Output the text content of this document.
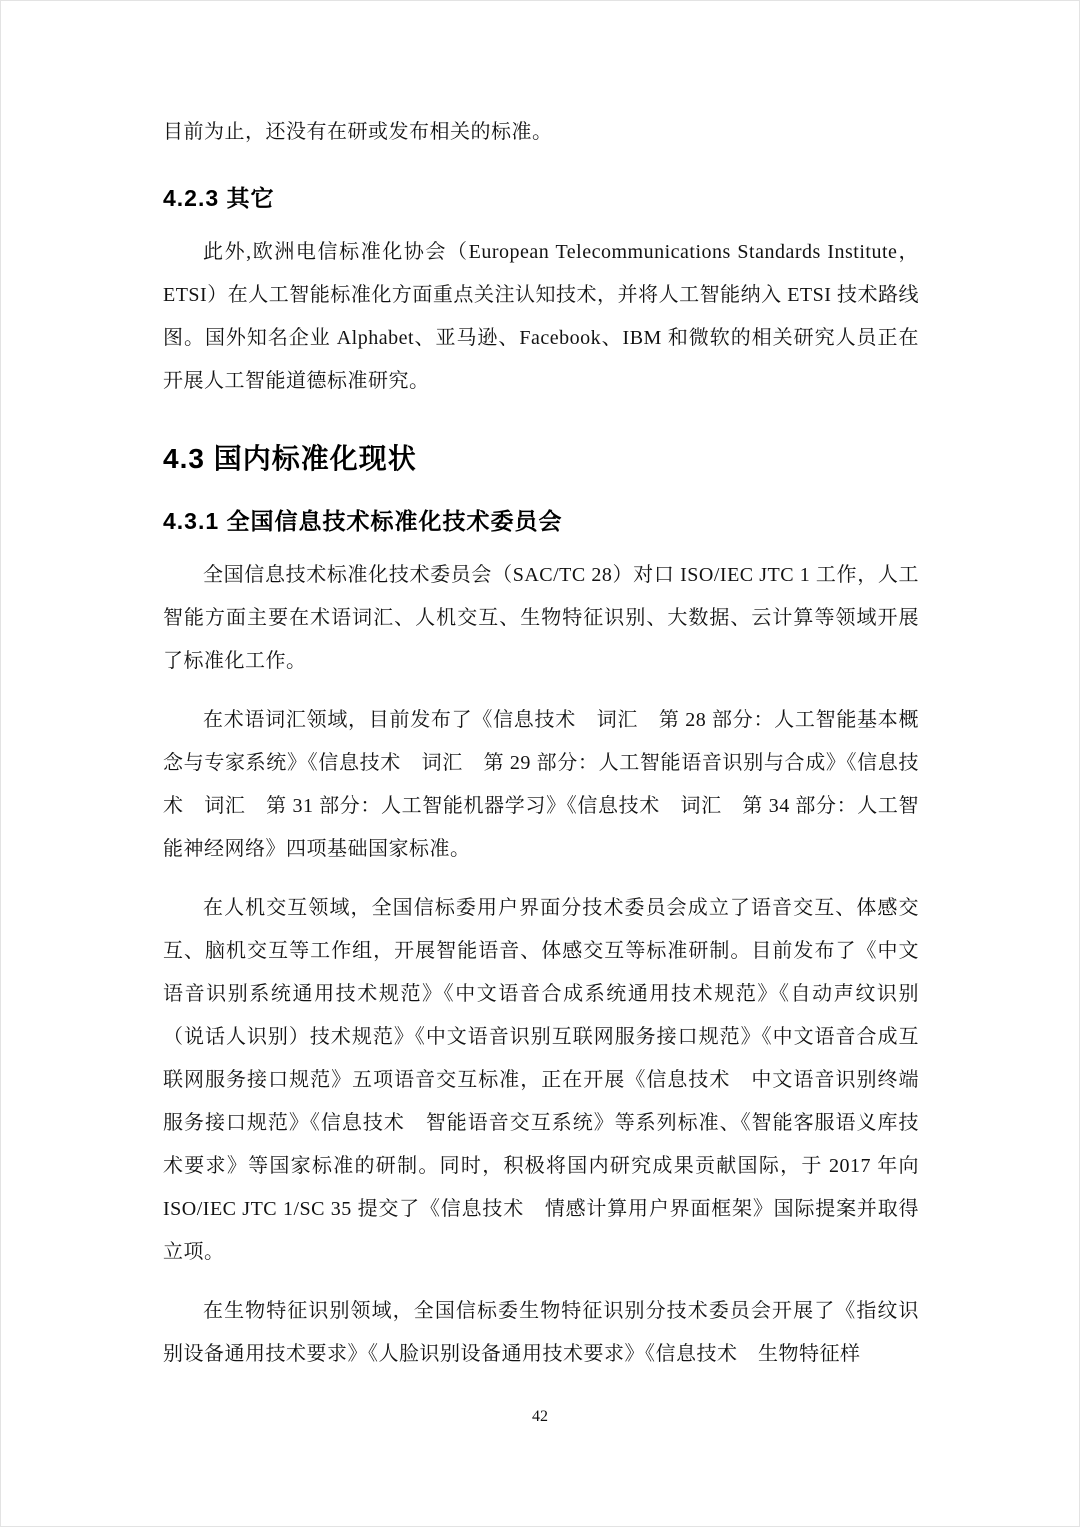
目前为止，还没有在研或发布相关的标准。

4.2.3 其它

此外,欧洲电信标准化协会（European Telecommunications Standards Institute，ETSI）在人工智能标准化方面重点关注认知技术，并将人工智能纳入 ETSI 技术路线图。国外知名企业 Alphabet、亚马逊、Facebook、IBM 和微软的相关研究人员正在开展人工智能道德标准研究。

4.3 国内标准化现状
4.3.1 全国信息技术标准化技术委员会

全国信息技术标准化技术委员会（SAC/TC 28）对口 ISO/IEC JTC 1 工作，人工智能方面主要在术语词汇、人机交互、生物特征识别、大数据、云计算等领域开展了标准化工作。

在术语词汇领域，目前发布了《信息技术　词汇　第 28 部分：人工智能基本概念与专家系统》《信息技术　词汇　第 29 部分：人工智能语音识别与合成》《信息技术　词汇　第 31 部分：人工智能机器学习》《信息技术　词汇　第 34 部分：人工智能神经网络》四项基础国家标准。

在人机交互领域，全国信标委用户界面分技术委员会成立了语音交互、体感交互、脑机交互等工作组，开展智能语音、体感交互等标准研制。目前发布了《中文语音识别系统通用技术规范》《中文语音合成系统通用技术规范》《自动声纹识别（说话人识别）技术规范》《中文语音识别互联网服务接口规范》《中文语音合成互联网服务接口规范》五项语音交互标准，正在开展《信息技术　中文语音识别终端服务接口规范》《信息技术　智能语音交互系统》等系列标准、《智能客服语义库技术要求》等国家标准的研制。同时，积极将国内研究成果贡献国际，于 2017 年向 ISO/IEC JTC 1/SC 35 提交了《信息技术　情感计算用户界面框架》国际提案并取得立项。

在生物特征识别领域，全国信标委生物特征识别分技术委员会开展了《指纹识别设备通用技术要求》《人脸识别设备通用技术要求》《信息技术　生物特征样

42
